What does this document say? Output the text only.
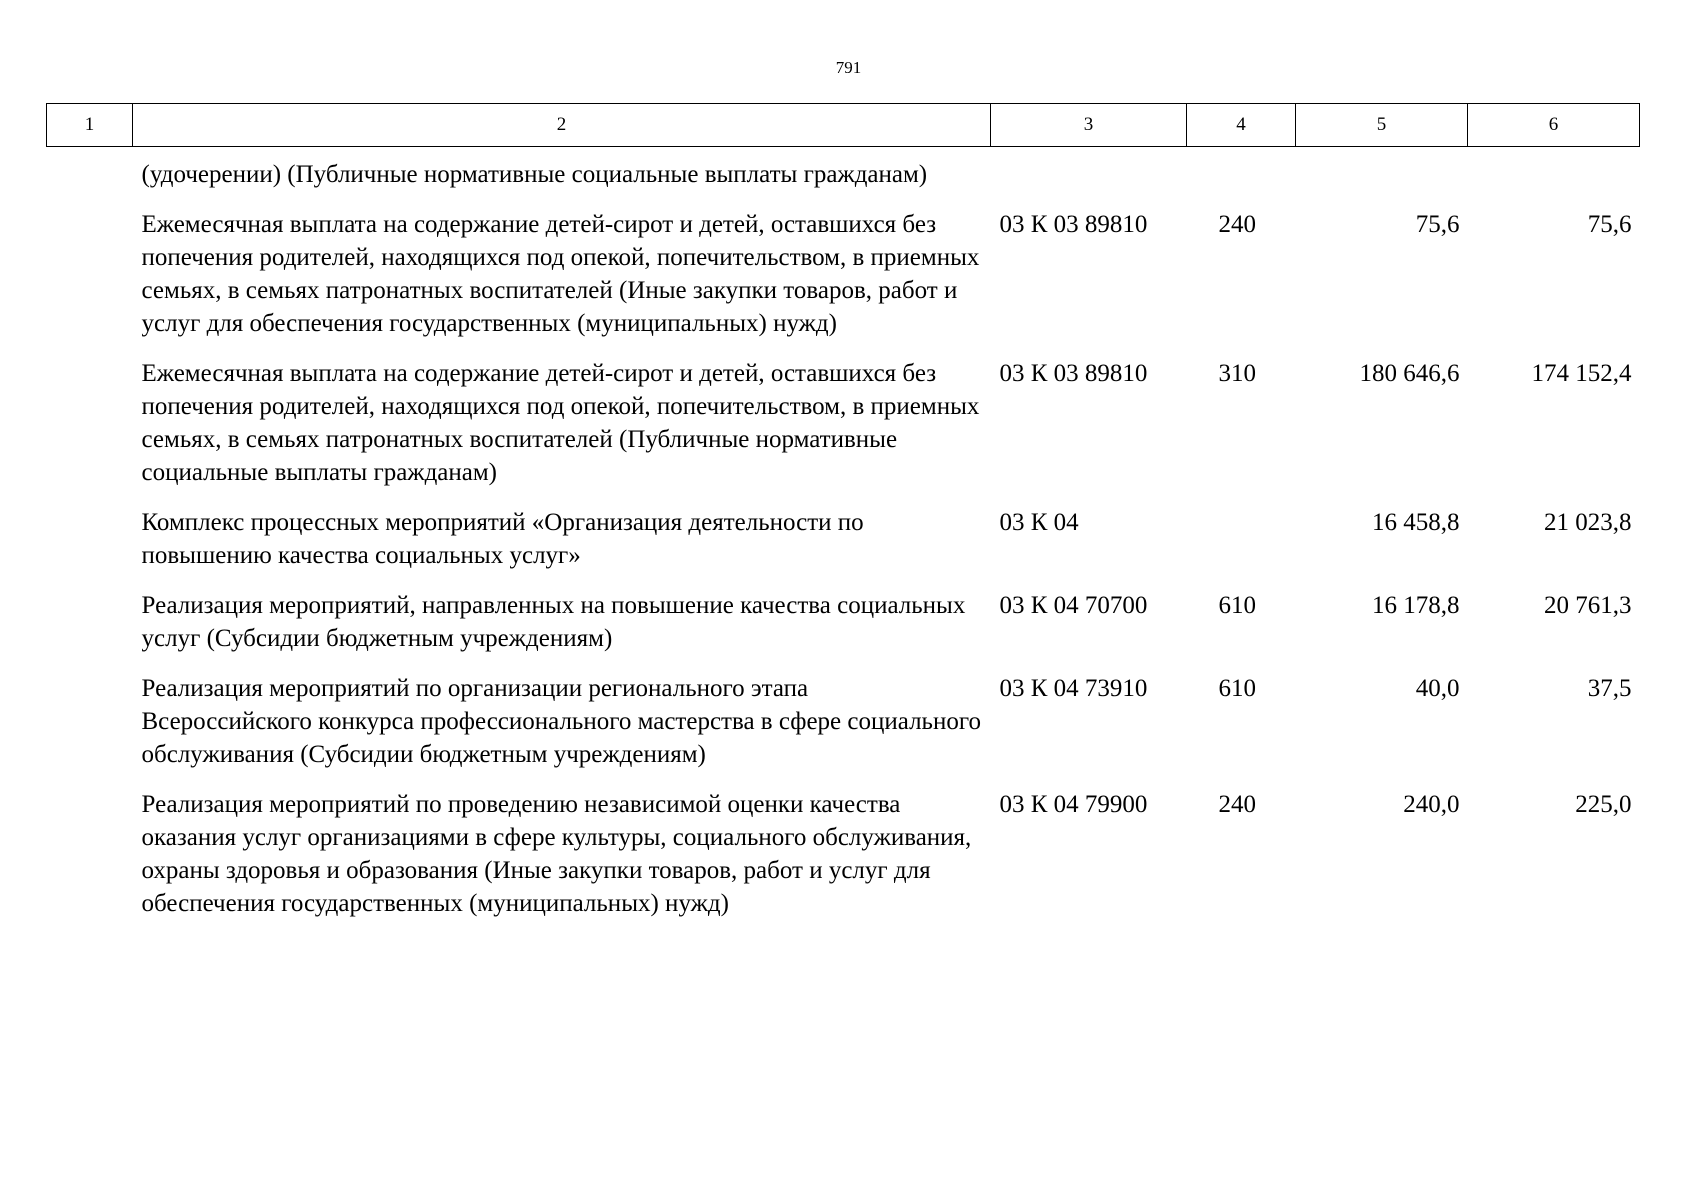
791
1	2	3	4	5	6
	(удочерении) (Публичные нормативные социальные выплаты гражданам)				
	Ежемесячная выплата на содержание детей-сирот и детей, оставшихся без попечения родителей, находящихся под опекой, попечительством, в приемных семьях, в семьях патронатных воспитателей (Иные закупки товаров, работ и услуг для обеспечения государственных (муниципальных) нужд)	03 К 03 89810	240	75,6	75,6
	Ежемесячная выплата на содержание детей-сирот и детей, оставшихся без попечения родителей, находящихся под опекой, попечительством, в приемных семьях, в семьях патронатных воспитателей (Публичные нормативные социальные выплаты гражданам)	03 К 03 89810	310	180 646,6	174 152,4
	Комплекс процессных мероприятий «Организация деятельности по повышению качества социальных услуг»	03 К 04		16 458,8	21 023,8
	Реализация мероприятий, направленных на повышение качества социальных услуг (Субсидии бюджетным учреждениям)	03 К 04 70700	610	16 178,8	20 761,3
	Реализация мероприятий по организации регионального этапа Всероссийского конкурса профессионального мастерства в сфере социального обслуживания (Субсидии бюджетным учреждениям)	03 К 04 73910	610	40,0	37,5
	Реализация мероприятий по проведению независимой оценки качества оказания услуг организациями в сфере культуры, социального обслуживания, охраны здоровья и образования (Иные закупки товаров, работ и услуг для обеспечения государственных (муниципальных) нужд)	03 К 04 79900	240	240,0	225,0
